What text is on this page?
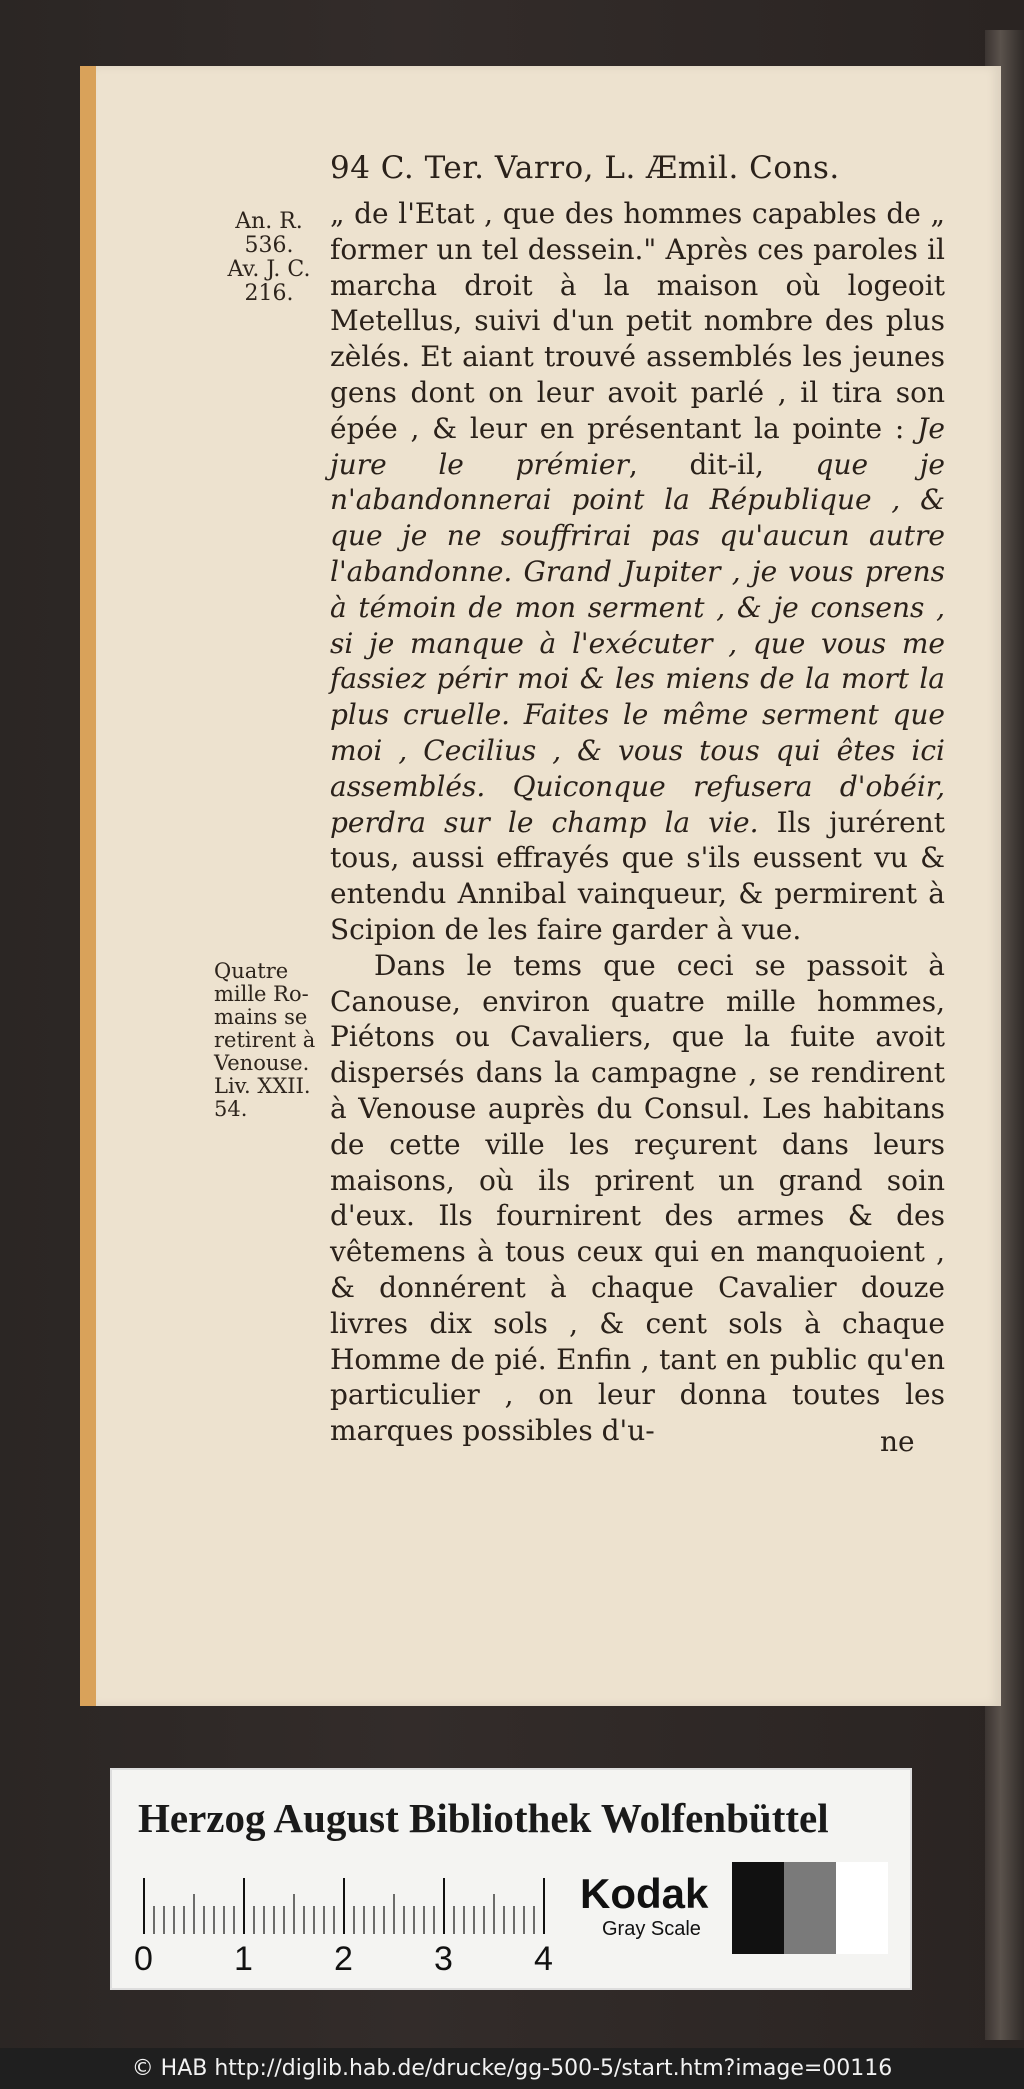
94 C. Ter. Varro, L. Æmil. Cons.
An. R.
536.
Av. J. C.
216.
Quatre
mille Ro-
mains se
retirent à
Venouse.
Liv. XXII.
54.

„ de l'Etat , que des hommes capables de „ former un tel dessein." Après ces paroles il marcha droit à la maison où logeoit Metellus, suivi d'un petit nombre des plus zèlés. Et aiant trouvé assemblés les jeunes gens dont on leur avoit parlé , il tira son épée , & leur en présentant la pointe : Je jure le prémier, dit-il, que je n'abandonnerai point la République , & que je ne souffrirai pas qu'aucun autre l'abandonne. Grand Jupiter , je vous prens à témoin de mon serment , & je consens , si je manque à l'exécuter , que vous me fassiez périr moi & les miens de la mort la plus cruelle. Faites le même serment que moi , Cecilius , & vous tous qui êtes ici assemblés. Quiconque refusera d'obéir, perdra sur le champ la vie. Ils jurérent tous, aussi effrayés que s'ils eussent vu & entendu Annibal vainqueur, & permirent à Scipion de les faire garder à vue.

Dans le tems que ceci se passoit à Canouse, environ quatre mille hommes, Piétons ou Cavaliers, que la fuite avoit dispersés dans la campagne , se rendirent à Venouse auprès du Consul. Les habitans de cette ville les reçurent dans leurs maisons, où ils prirent un grand soin d'eux. Ils fournirent des armes & des vêtemens à tous ceux qui en manquoient , & donnérent à chaque Cavalier douze livres dix sols , & cent sols à chaque Homme de pié. Enfin , tant en public qu'en particulier , on leur donna toutes les marques possibles d'u-	ne
Herzog August Bibliothek Wolfenbüttel
0 1 2 3 4
Kodak
Gray Scale
© HAB http://diglib.hab.de/drucke/gg-500-5/start.htm?image=00116
